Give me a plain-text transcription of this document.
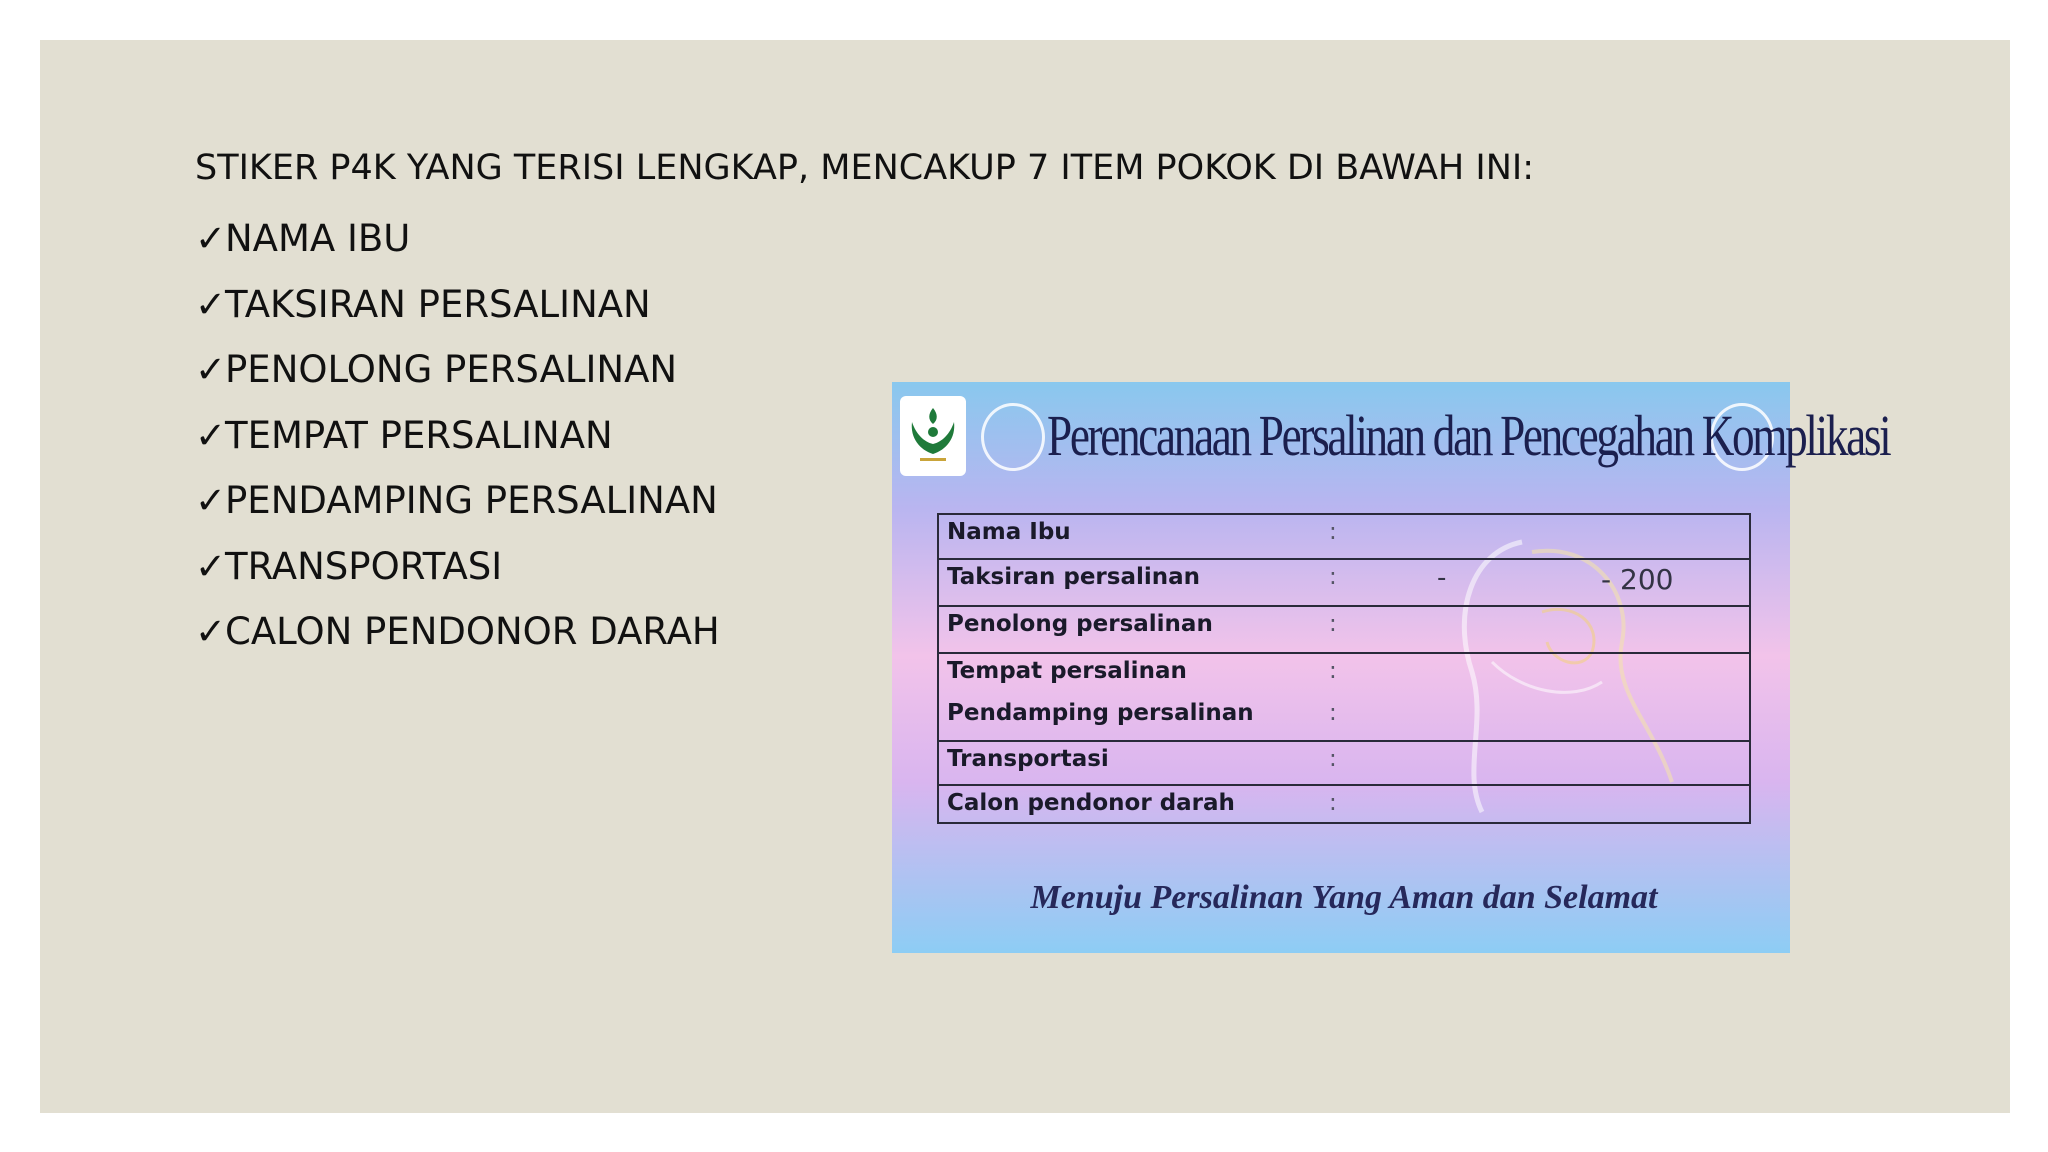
STIKER P4K YANG TERISI LENGKAP, MENCAKUP 7 ITEM POKOK DI BAWAH INI:
✓NAMA IBU
✓TAKSIRAN PERSALINAN
✓PENOLONG PERSALINAN
✓TEMPAT PERSALINAN
✓PENDAMPING PERSALINAN
✓TRANSPORTASI
✓CALON PENDONOR DARAH
Perencanaan Persalinan dan Pencegahan Komplikasi
Nama Ibu	:
Taksiran persalinan	:	-	- 200
Penolong persalinan	:
Tempat persalinan	:
Pendamping persalinan	:
Transportasi	:
Calon pendonor darah	:
Menuju Persalinan Yang Aman dan Selamat
